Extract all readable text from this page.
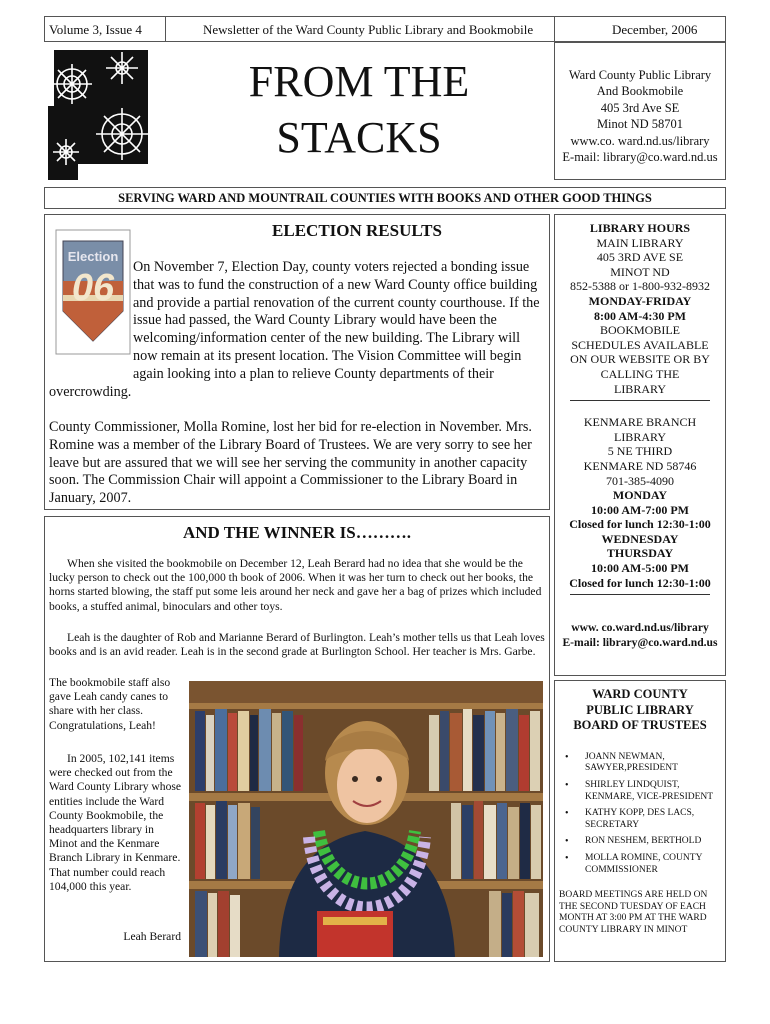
Volume 3, Issue 4	Newsletter of the Ward County Public Library and Bookmobile	December, 2006
FROM THE
STACKS
Ward County Public Library
And Bookmobile
405 3rd Ave SE
Minot ND 58701
www.co. ward.nd.us/library
E-mail: library@co.ward.nd.us
SERVING WARD AND MOUNTRAIL COUNTIES WITH BOOKS AND OTHER GOOD THINGS
ELECTION RESULTS
Election
06	On November 7, Election Day, county voters rejected a bonding issue that was to fund the construction of a new Ward County office building and provide a partial renovation of the current county courthouse. If the issue had passed, the Ward County Library would have been the welcoming/information center of the new building. The Library will now remain at its present location. The Vision Committee will begin again looking into a plan to relieve County departments of their overcrowding.

County Commissioner, Molla Romine, lost her bid for re-election in November. Mrs. Romine was a member of the Library Board of Trustees. We are very sorry to see her leave but are assured that we will see her serving the community in another capacity soon. The Commission Chair will appoint a Commissioner to the Library Board in January, 2007.

AND THE WINNER IS……….

When she visited the bookmobile on December 12, Leah Berard had no idea that she would be the lucky person to check out the 100,000 th book of 2006. When it was her turn to check out her books, the horns started blowing, the staff put some leis around her neck and gave her a bag of prizes which included books, a stuffed animal, binoculars and other toys.

Leah is the daughter of Rob and Marianne Berard of Burlington. Leah’s mother tells us that Leah loves books and is an avid reader. Leah is in the second grade at Burlington School. Her teacher is Mrs. Garbe.

The bookmobile staff also gave Leah candy canes to share with her class. Congratulations, Leah!

In 2005, 102,141 items were checked out from the Ward County Library whose entities include the Ward County Bookmobile, the headquarters library in Minot and the Kenmare Branch Library in Kenmare. That number could reach 104,000 this year.

Leah Berard
LIBRARY HOURS
MAIN LIBRARY
405 3RD AVE SE
MINOT ND
852-5388 or 1-800-932-8932
MONDAY-FRIDAY
8:00 AM-4:30 PM
BOOKMOBILE
SCHEDULES AVAILABLE
ON OUR WEBSITE OR BY
CALLING THE
LIBRARY
KENMARE BRANCH
LIBRARY
5 NE THIRD
KENMARE ND 58746
701-385-4090
MONDAY
10:00 AM-7:00 PM
Closed for lunch 12:30-1:00
WEDNESDAY
THURSDAY
10:00 AM-5:00 PM
Closed for lunch 12:30-1:00
www. co.ward.nd.us/library
E-mail: library@co.ward.nd.us
WARD COUNTY PUBLIC LIBRARY BOARD OF TRUSTEES
• JOANN NEWMAN, SAWYER,PRESIDENT
• SHIRLEY LINDQUIST, KENMARE, VICE-PRESIDENT
• KATHY KOPP, DES LACS, SECRETARY
• RON NESHEM, BERTHOLD
• MOLLA ROMINE, COUNTY COMMISSIONER
BOARD MEETINGS ARE HELD ON THE SECOND TUESDAY OF EACH MONTH AT 3:00 PM AT THE WARD COUNTY LIBRARY IN MINOT
